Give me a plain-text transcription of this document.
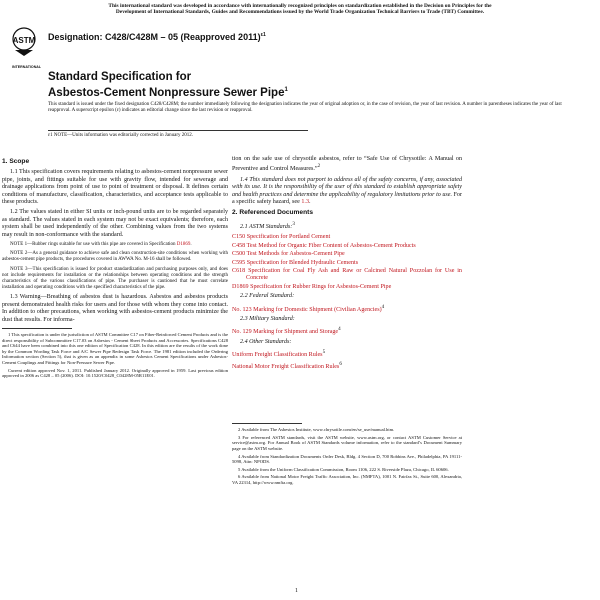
This international standard was developed in accordance with internationally recognized principles on standardization established in the Decision on Principles for the
Development of International Standards, Guides and Recommendations issued by the World Trade Organization Technical Barriers to Trade (TBT) Committee.
ASTM
INTERNATIONAL
Designation: C428/C428M – 05 (Reapproved 2011)$^{\varepsilon 1}$
Standard Specification for
Asbestos-Cement Nonpressure Sewer Pipe$^1$
This standard is issued under the fixed designation C428/C428M; the number immediately following the designation indicates the year of original adoption or, in the case of revision, the year of last revision. A number in parentheses indicates the year of last reapproval. A superscript epsilon (ε) indicates an editorial change since the last revision or reapproval.
ε1 NOTE—Units information was editorially corrected in January 2012.
1. Scope

1.1 This specification covers requirements relating to asbestos-cement nonpressure sewer pipe, joints, and fittings suitable for use with gravity flow, intended for sewerage and drainage applications from point of use to point of treatment or disposal. It defines certain conditions of manufacture, classification, characteristics, and acceptance tests applicable to these products.

1.2 The values stated in either SI units or inch-pound units are to be regarded separately as standard. The values stated in each system may not be exact equivalents; therefore, each system shall be used independently of the other. Combining values from the two systems may result in non-conformance with the standard.

NOTE 1—Rubber rings suitable for use with this pipe are covered in Specification D1869.

NOTE 2—As a general guidance to achieve safe and clean construction-site conditions when working with asbestos-cement pipe products, the procedures covered in AWWA No. M-16 shall be followed.

NOTE 3—This specification is issued for product standardization and purchasing purposes only, and does not include requirements for installation or the relationships between operating conditions and the strength characteristics of the various classifications of pipe. The purchaser is cautioned that he must correlate installation and operating conditions with the specified characteristics of the pipe.

1.3 Warning—Breathing of asbestos dust is hazardous. Asbestos and asbestos products present demonstrated health risks for users and for those with whom they come into contact. In addition to other precautions, when working with asbestos-cement products minimize the dust that results. For informa-

1 This specification is under the jurisdiction of ASTM Committee C17 on Fiber-Reinforced Cement Products and is the direct responsibility of Subcommittee C17.03 on Asbestos - Cement Sheet Products and Accessories. Specifications C428 and C644 have been combined into this one edition of Specification C428. In this edition are the results of the work done by the Common Wording Task Force and A/C Sewer Pipe Redesign Task Force. The 1981 edition included the Ordering Information section (Section 5), that is given as an appendix in some Asbestos Cement Specifications under Asbestos-Cement Couplings and Fittings for Non-Pressure Sewer Pipe.

Current edition approved Nov. 1, 2011. Published January 2012. Originally approved in 1959. Last previous edition approved in 2006 as C428 – 05 (2006). DOI: 10.1520/C0428_C0428M-05R11E01.

tion on the safe use of chrysotile asbestos, refer to “Safe Use of Chrysotile: A Manual on Preventive and Control Measures.”$^2$

1.4 This standard does not purport to address all of the safety concerns, if any, associated with its use. It is the responsibility of the user of this standard to establish appropriate safety and health practices and determine the applicability of regulatory limitations prior to use. For a specific safety hazard, see 1.3.

2. Referenced Documents

2.1 ASTM Standards:$^3$

C150 Specification for Portland Cement
C458 Test Method for Organic Fiber Content of Asbestos-Cement Products
C500 Test Methods for Asbestos-Cement Pipe
C595 Specification for Blended Hydraulic Cements
C618 Specification for Coal Fly Ash and Raw or Calcined Natural Pozzolan for Use in Concrete
D1869 Specification for Rubber Rings for Asbestos-Cement Pipe

2.2 Federal Standard:

No. 123 Marking for Domestic Shipment (Civilian Agencies)$^4$

2.3 Military Standard:

No. 129 Marking for Shipment and Storage$^4$

2.4 Other Standards:

Uniform Freight Classification Rules$^5$
National Motor Freight Classification Rules$^6$

2 Available from The Asbestos Institute, www.chrysotile.com/en/se_use/manual.htm.

3 For referenced ASTM standards, visit the ASTM website, www.astm.org, or contact ASTM Customer Service at service@astm.org. For Annual Book of ASTM Standards volume information, refer to the standard’s Document Summary page on the ASTM website.

4 Available from Standardization Documents Order Desk, Bldg. 4 Section D, 700 Robbins Ave., Philadelphia, PA 19111-5098, Attn: NPODS.

5 Available from the Uniform Classification Commission, Room 1106, 222 S. Riverside Plaza, Chicago, IL 60606.

6 Available from National Motor Freight Traffic Association, Inc. (NMFTA), 1001 N. Fairfax St., Suite 600, Alexandria, VA 22314, http://www.nmfta.org.

1
